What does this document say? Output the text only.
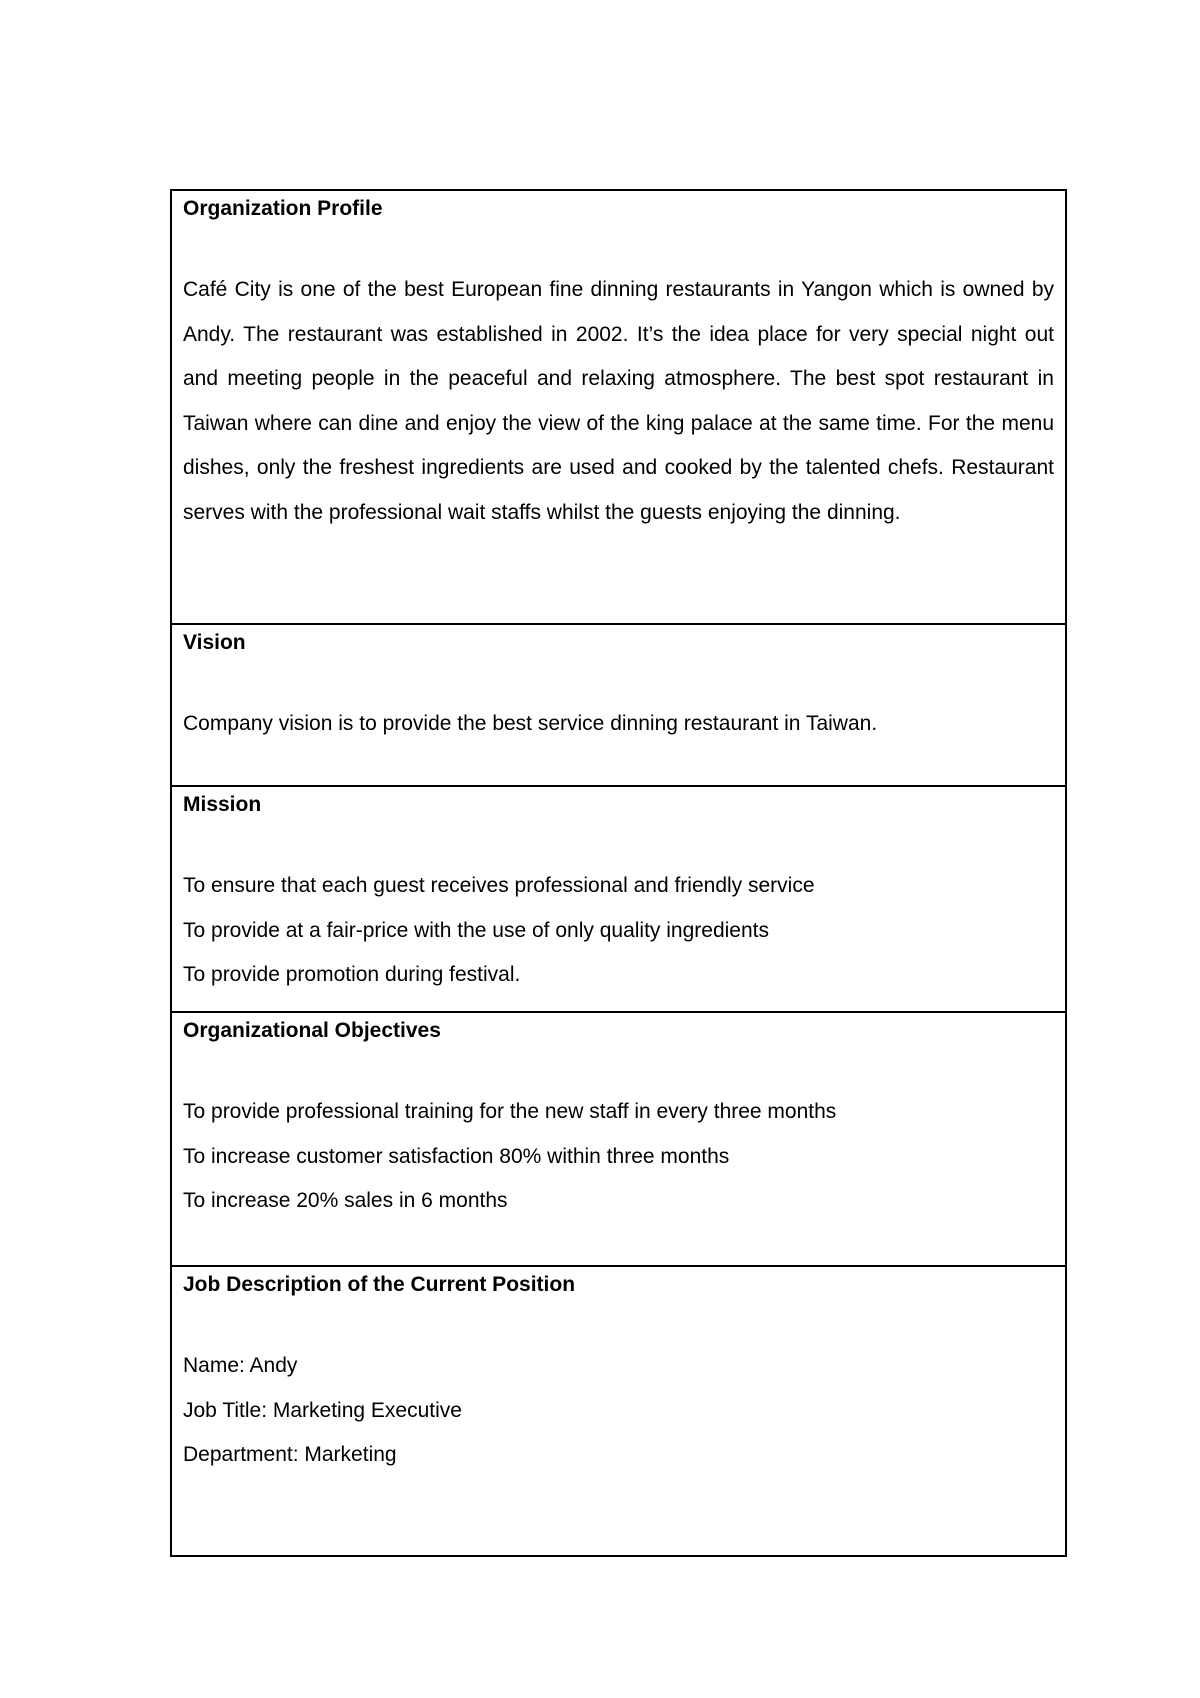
Organization Profile

Café City is one of the best European fine dinning restaurants in Yangon which is owned by Andy. The restaurant was established in 2002. It’s the idea place for very special night out and meeting people in the peaceful and relaxing atmosphere. The best spot restaurant in Taiwan where can dine and enjoy the view of the king palace at the same time. For the menu dishes, only the freshest ingredients are used and cooked by the talented chefs. Restaurant serves with the professional wait staffs whilst the guests enjoying the dinning.

Vision

Company vision is to provide the best service dinning restaurant in Taiwan.

Mission

To ensure that each guest receives professional and friendly service

To provide at a fair-price with the use of only quality ingredients

To provide promotion during festival.

Organizational Objectives

To provide professional training for the new staff in every three months

To increase customer satisfaction 80% within three months

To increase 20% sales in 6 months

Job Description of the Current Position

Name: Andy

Job Title: Marketing Executive

Department: Marketing
